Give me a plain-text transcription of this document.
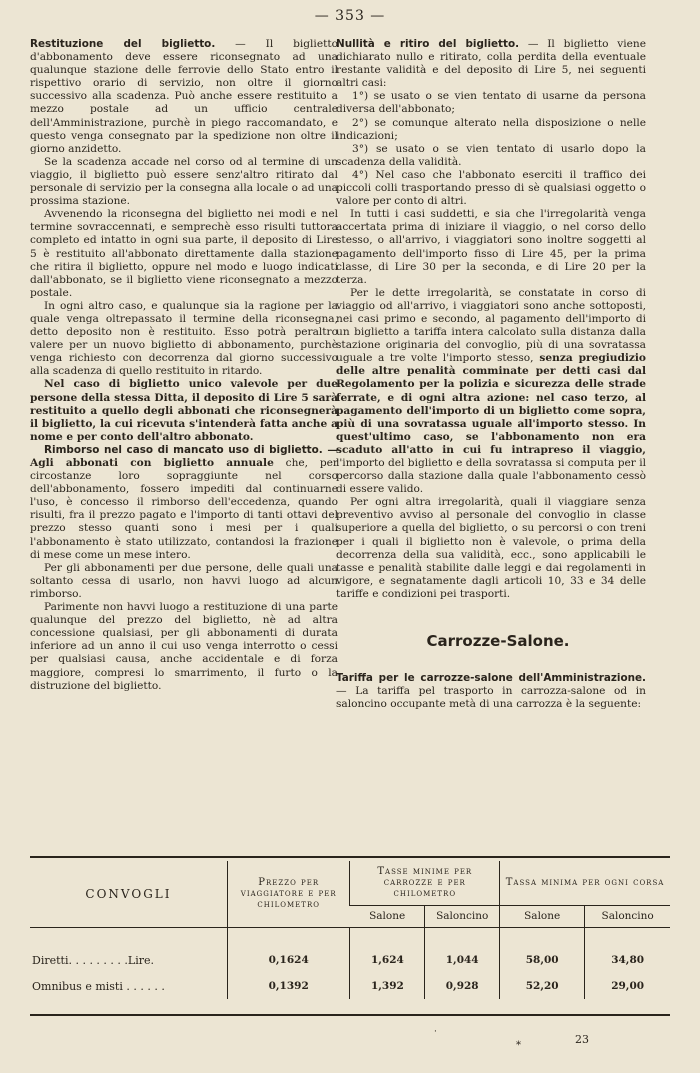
— 353 —

Restituzione del biglietto. — Il biglietto d'abbonamento deve essere riconsegnato ad una qualunque stazione delle ferrovie dello Stato entro il rispettivo orario di servizio, non oltre il giorno successivo alla scadenza. Può anche essere restituito a mezzo postale ad un ufficio centrale dell'Amministrazione, purchè in piego raccomandato, e questo venga consegnato par la spedizione non oltre il giorno anzidetto.

Se la scadenza accade nel corso od al termine di un viaggio, il biglietto può essere senz'altro ritirato dal personale di servizio per la consegna alla locale o ad una prossima stazione.

Avvenendo la riconsegna del biglietto nei modi e nel termine sovraccennati, e semprechè esso risulti tuttora completo ed intatto in ogni sua parte, il deposito di Lire 5 è restituito all'abbonato direttamente dalla stazione che ritira il biglietto, oppure nel modo e luogo indicati dall'abbonato, se il biglietto viene riconsegnato a mezzo postale.

In ogni altro caso, e qualunque sia la ragione per la quale venga oltrepassato il termine della riconsegna, detto deposito non è restituito. Esso potrà peraltro valere per un nuovo biglietto di abbonamento, purchè venga richiesto con decorrenza dal giorno successivo alla scadenza di quello restituito in ritardo.

Nel caso di biglietto unico valevole per due persone della stessa Ditta, il deposito di Lire 5 sarà restituito a quello degli abbonati che riconsegnerà il biglietto, la cui ricevuta s'intenderà fatta anche a nome e per conto dell'altro abbonato.

Rimborso nel caso di mancato uso di biglietto. — Agli abbonati con biglietto annuale che, per circostanze loro sopraggiunte nel corso dell'abbonamento, fossero impediti dal continuarne l'uso, è concesso il rimborso dell'eccedenza, quando risulti, fra il prezzo pagato e l'importo di tanti ottavi del prezzo stesso quanti sono i mesi per i quali l'abbonamento è stato utilizzato, contandosi la frazione di mese come un mese intero.

Per gli abbonamenti per due persone, delle quali una soltanto cessa di usarlo, non havvi luogo ad alcun rimborso.

Parimente non havvi luogo a restituzione di una parte qualunque del prezzo del biglietto, nè ad altra concessione qualsiasi, per gli abbonamenti di durata inferiore ad un anno il cui uso venga interrotto o cessi per qualsiasi causa, anche accidentale e di forza maggiore, compresi lo smarrimento, il furto o la distruzione del biglietto.

Nullità e ritiro del biglietto. — Il biglietto viene dichiarato nullo e ritirato, colla perdita della eventuale restante validità e del deposito di Lire 5, nei seguenti altri casi:

1°) se usato o se vien tentato di usarne da persona diversa dell'abbonato;

2°) se comunque alterato nella disposizione o nelle indicazioni;

3°) se usato o se vien tentato di usarlo dopo la scadenza della validità.

4°) Nel caso che l'abbonato eserciti il traffico dei piccoli colli trasportando presso di sè qualsiasi oggetto o valore per conto di altri.

In tutti i casi suddetti, e sia che l'irregolarità venga accertata prima di iniziare il viaggio, o nel corso dello stesso, o all'arrivo, i viaggiatori sono inoltre soggetti al pagamento dell'importo fisso di Lire 45, per la prima classe, di Lire 30 per la seconda, e di Lire 20 per la terza.

Per le dette irregolarità, se constatate in corso di viaggio od all'arrivo, i viaggiatori sono anche sottoposti, nei casi primo e secondo, al pagamento dell'importo di un biglietto a tariffa intera calcolato sulla distanza dalla stazione originaria del convoglio, più di una sovratassa uguale a tre volte l'importo stesso, senza pregiudizio delle altre penalità comminate per detti casi dal Regolamento per la polizia e sicurezza delle strade ferrate, e di ogni altra azione: nel caso terzo, al pagamento dell'importo di un biglietto come sopra, più di una sovratassa uguale all'importo stesso. In quest'ultimo caso, se l'abbonamento non era scaduto all'atto in cui fu intrapreso il viaggio, l'importo del biglietto e della sovratassa si computa per il percorso dalla stazione dalla quale l'abbonamento cessò di essere valido.

Per ogni altra irregolarità, quali il viaggiare senza preventivo avviso al personale del convoglio in classe superiore a quella del biglietto, o su percorsi o con treni per i quali il biglietto non è valevole, o prima della decorrenza della sua validità, ecc., sono applicabili le tasse e penalità stabilite dalle leggi e dai regolamenti in vigore, e segnatamente dagli articoli 10, 33 e 34 delle tariffe e condizioni pei trasporti.

Carrozze-Salone.

Tariffa per le carrozze-salone dell'Amministrazione. — La tariffa pel trasporto in carrozza-salone od in saloncino occupante metà di una carrozza è la seguente:

CONVOGLI	Prezzo per viaggiatore e per chilometro	Tasse minime per carrozze e per chilometro		Tassa minima per ogni corsa	
		Salone	Saloncino	Salone	Saloncino

Diretti. . . . . . . . .Lire.	0,1624	1,624	1,044	58,00	34,80
Omnibus e misti . . . . . .	0,1392	1,392	0,928	52,20	29,00
·
*	23
